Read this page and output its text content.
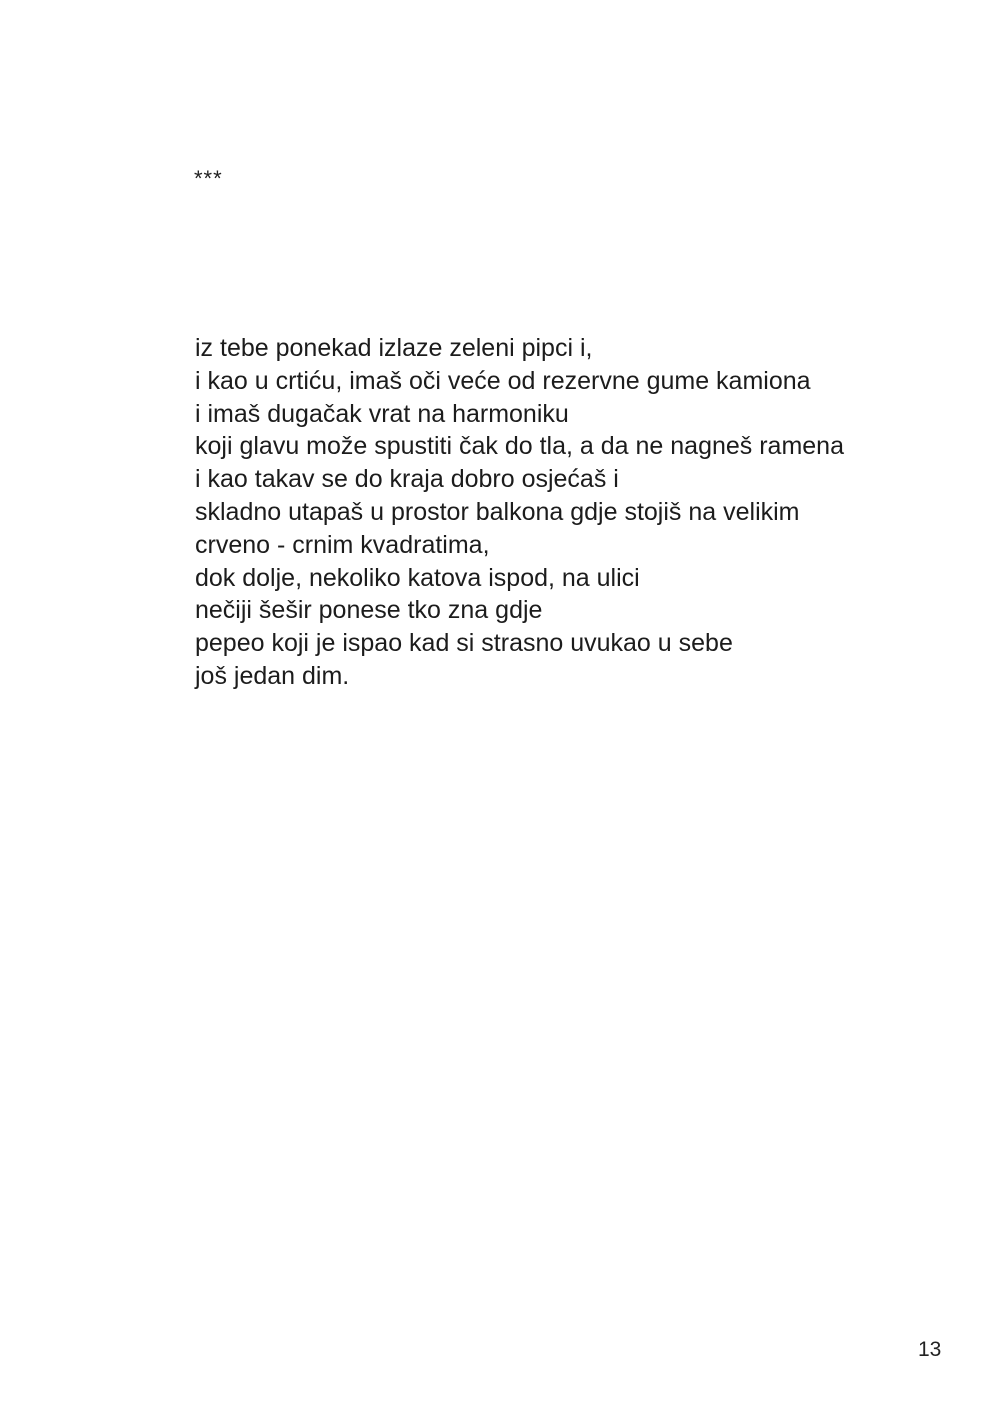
***
iz tebe ponekad izlaze zeleni pipci i,
i kao u crtiću, imaš oči veće od rezervne gume kamiona
i imaš dugačak vrat na harmoniku
koji glavu može spustiti čak do tla, a da ne nagneš ramena
i kao takav se do kraja dobro osjećaš i
skladno utapaš u prostor balkona gdje stojiš na velikim
crveno - crnim kvadratima,
dok dolje, nekoliko katova ispod, na ulici
nečiji šešir ponese tko zna gdje
pepeo koji je ispao kad si strasno uvukao u sebe
još jedan dim.
13
